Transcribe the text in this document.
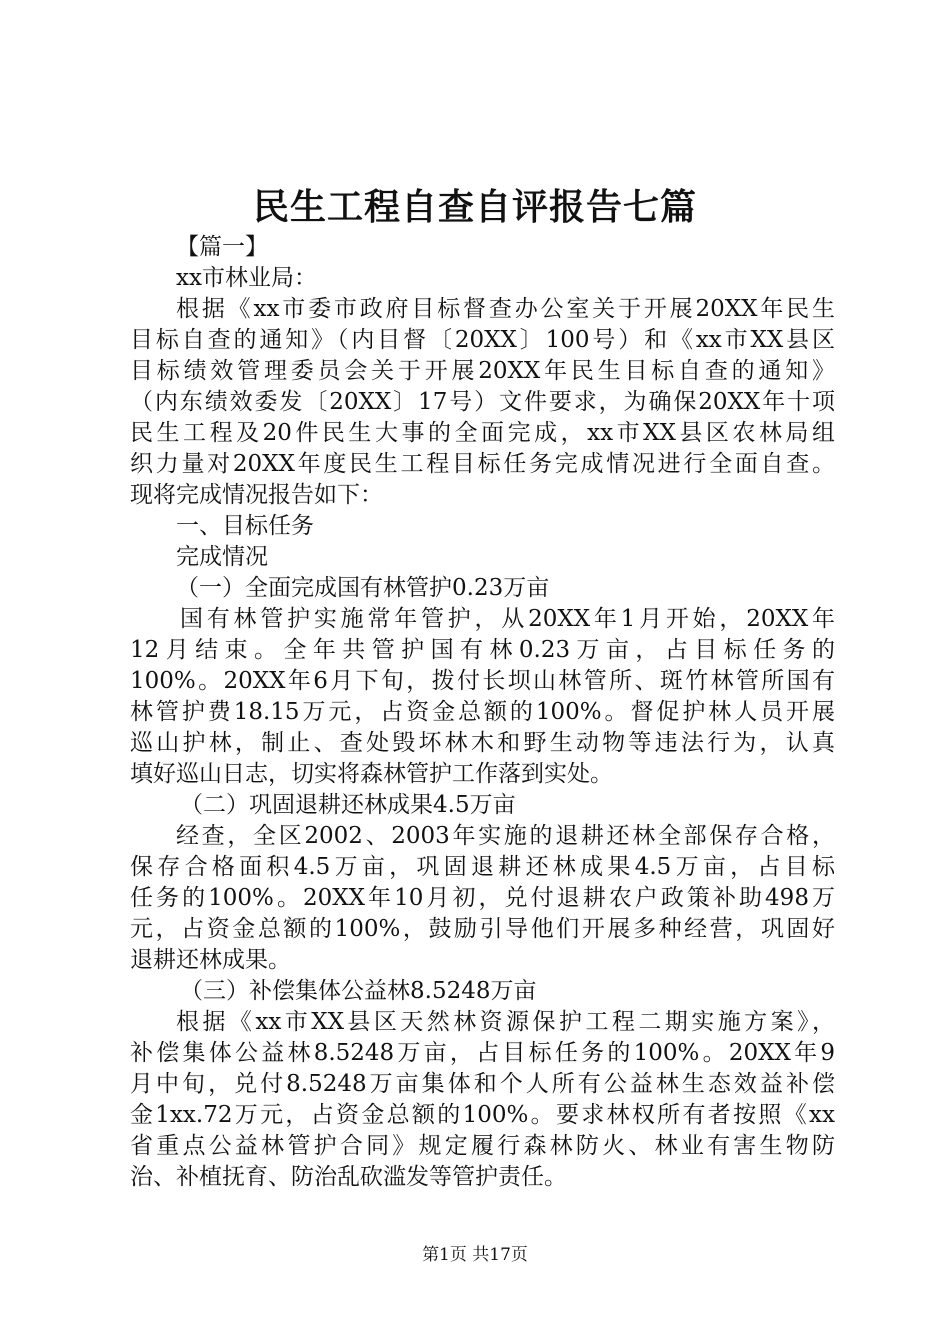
民生工程自查自评报告七篇
【篇一】
xx市林业局：
根据《xx市委市政府目标督查办公室关于开展20XX年民生
目标自查的通知》（内目督〔20XX〕100号）和《xx市XX县区
目标绩效管理委员会关于开展20XX年民生目标自查的通知》
（内东绩效委发〔20XX〕17号）文件要求，为确保20XX年十项
民生工程及20件民生大事的全面完成，xx市XX县区农林局组
织力量对20XX年度民生工程目标任务完成情况进行全面自查。
现将完成情况报告如下：
一、目标任务
完成情况
（一）全面完成国有林管护0.23万亩
国有林管护实施常年管护，从20XX年1月开始，20XX年
12月结束。全年共管护国有林0.23万亩，占目标任务的
100%。20XX年6月下旬，拨付长坝山林管所、斑竹林管所国有
林管护费18.15万元，占资金总额的100%。督促护林人员开展
巡山护林，制止、查处毁坏林木和野生动物等违法行为，认真
填好巡山日志，切实将森林管护工作落到实处。
（二）巩固退耕还林成果4.5万亩
经查，全区2002、2003年实施的退耕还林全部保存合格，
保存合格面积4.5万亩，巩固退耕还林成果4.5万亩，占目标
任务的100%。20XX年10月初，兑付退耕农户政策补助498万
元，占资金总额的100%，鼓励引导他们开展多种经营，巩固好
退耕还林成果。
（三）补偿集体公益林8.5248万亩
根据《xx市XX县区天然林资源保护工程二期实施方案》，
补偿集体公益林8.5248万亩，占目标任务的100%。20XX年9
月中旬，兑付8.5248万亩集体和个人所有公益林生态效益补偿
金1xx.72万元，占资金总额的100%。要求林权所有者按照《xx
省重点公益林管护合同》规定履行森林防火、林业有害生物防
治、补植抚育、防治乱砍滥发等管护责任。
第1页 共17页
